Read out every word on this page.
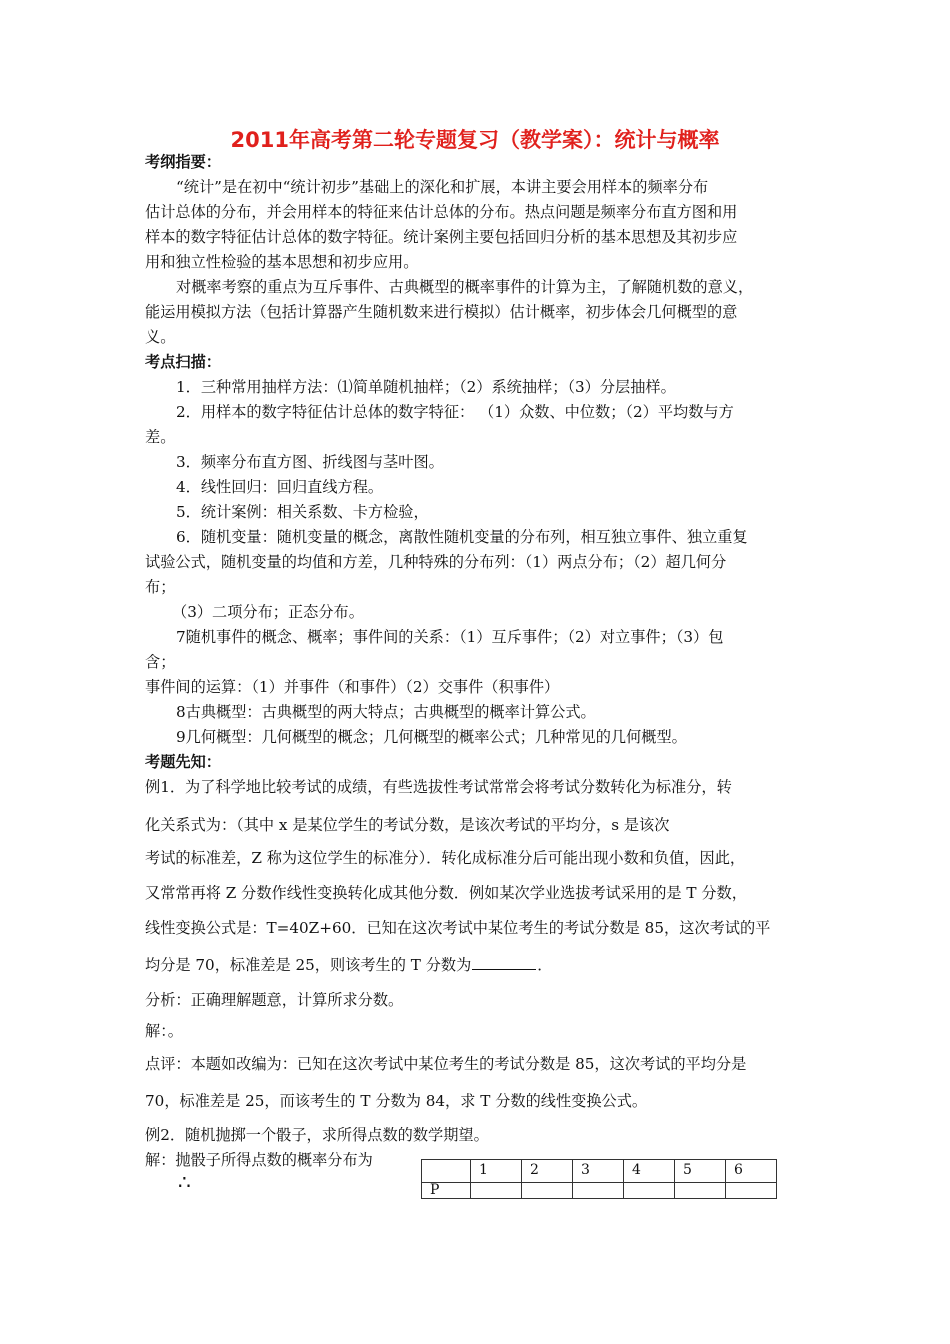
2011年高考第二轮专题复习（教学案）：统计与概率

考纲指要：

“统计”是在初中“统计初步”基础上的深化和扩展，本讲主要会用样本的频率分布

估计总体的分布，并会用样本的特征来估计总体的分布。热点问题是频率分布直方图和用

样本的数字特征估计总体的数字特征。统计案例主要包括回归分析的基本思想及其初步应

用和独立性检验的基本思想和初步应用。

对概率考察的重点为互斥事件、古典概型的概率事件的计算为主，了解随机数的意义，

能运用模拟方法（包括计算器产生随机数来进行模拟）估计概率，初步体会几何概型的意

义。

考点扫描：

1．三种常用抽样方法：⑴简单随机抽样；（2）系统抽样；（3）分层抽样。

2．用样本的数字特征估计总体的数字特征： （1）众数、中位数；（2）平均数与方

差。

3．频率分布直方图、折线图与茎叶图。

4．线性回归：回归直线方程。

5．统计案例：相关系数、卡方检验，

6．随机变量：随机变量的概念，离散性随机变量的分布列，相互独立事件、独立重复

试验公式，随机变量的均值和方差，几种特殊的分布列：（1）两点分布；（2）超几何分

布；

（3）二项分布；正态分布。

7随机事件的概念、概率；事件间的关系：（1）互斥事件；（2）对立事件；（3）包

含；

事件间的运算：（1）并事件（和事件）（2）交事件（积事件）

8古典概型：古典概型的两大特点；古典概型的概率计算公式。

9几何概型：几何概型的概念；几何概型的概率公式；几种常见的几何概型。

考题先知：

例1．为了科学地比较考试的成绩，有些选拔性考试常常会将考试分数转化为标准分，转

化关系式为：（其中 x 是某位学生的考试分数，是该次考试的平均分，s 是该次

考试的标准差，Z 称为这位学生的标准分）．转化成标准分后可能出现小数和负值，因此，

又常常再将 Z 分数作线性变换转化成其他分数．例如某次学业选拔考试采用的是 T 分数，

线性变换公式是：T=40Z+60．已知在这次考试中某位考生的考试分数是 85，这次考试的平

均分是 70，标准差是 25，则该考生的 T 分数为	．

分析：正确理解题意，计算所求分数。

解：。

点评：本题如改编为：已知在这次考试中某位考生的考试分数是 85，这次考试的平均分是

70，标准差是 25，而该考生的 T 分数为 84，求 T 分数的线性变换公式。

例2．随机抛掷一个骰子，求所得点数的数学期望。

解：抛骰子所得点数的概率分布为

∴
		1	2	3	4	5	6
P						
